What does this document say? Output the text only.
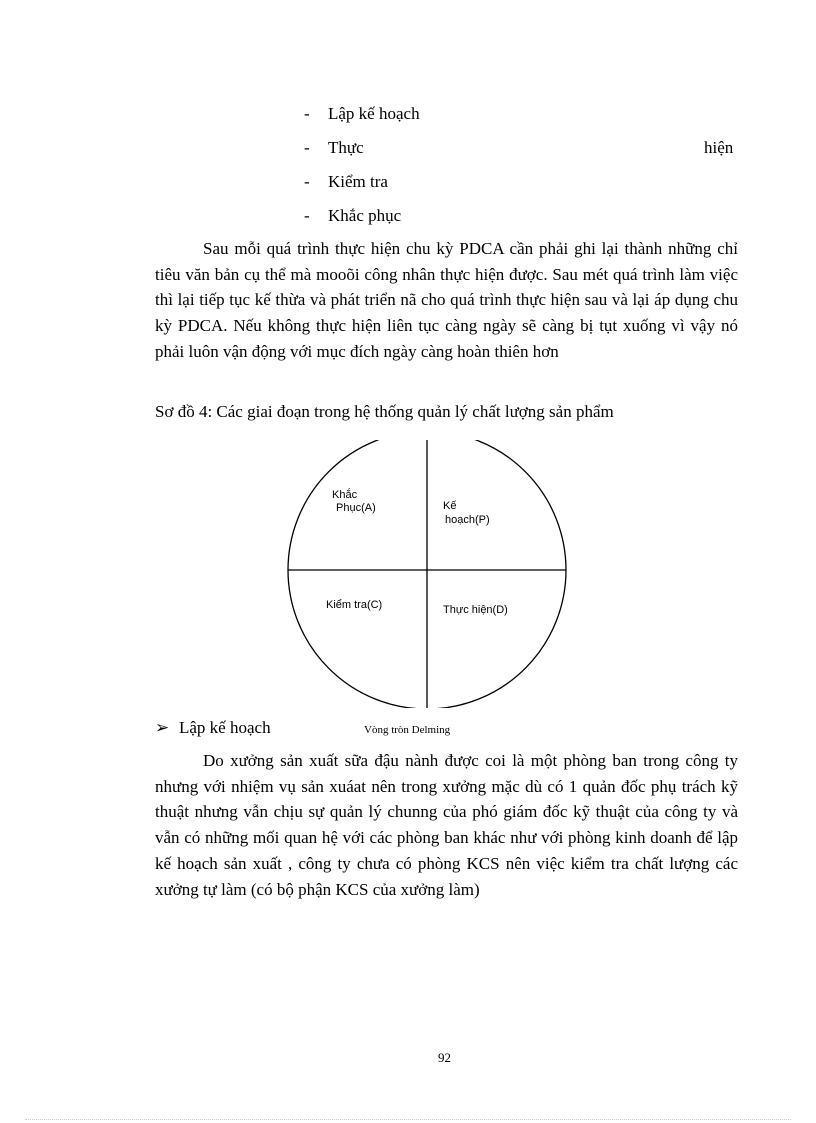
- Lập kế hoạch
- Thực	hiện
- Kiểm tra
- Khắc phục

Sau mỗi quá trình thực hiện chu kỳ PDCA cần phải ghi lại thành những chỉ tiêu văn bản cụ thể mà mooõi công nhân thực hiện được. Sau mét quá trình làm việc thì lại tiếp tục kế thừa và phát triển nã cho quá trình thực hiện sau và lại áp dụng chu kỳ PDCA. Nếu không thực hiện liên tục càng ngày sẽ càng bị tụt xuống vì vậy nó phải luôn vận động với mục đích ngày càng hoàn thiên hơn

Sơ đồ 4: Các giai đoạn trong hệ thống quản lý chất lượng sản phẩm
Khắc
Phục(A)	Kế
hoạch(P)
Kiểm tra(C)	Thực hiện(D)
➢ Lập kế hoạch	Vòng tròn Delming

Do xưởng sản xuất sữa đậu nành được coi là một phòng ban trong công ty nhưng với nhiệm vụ sản xuáat nên trong xưởng mặc dù có 1 quản đốc phụ trách kỹ thuật nhưng vẫn chịu sự quản lý chunng của phó giám đốc kỹ thuật của công ty và vẫn có những mối quan hệ với các phòng ban khác như với phòng kinh doanh để lập kế hoạch sản xuất , công ty chưa có phòng KCS nên việc kiểm tra chất lượng các xưởng tự làm (có bộ phận KCS của xưởng làm)

92
